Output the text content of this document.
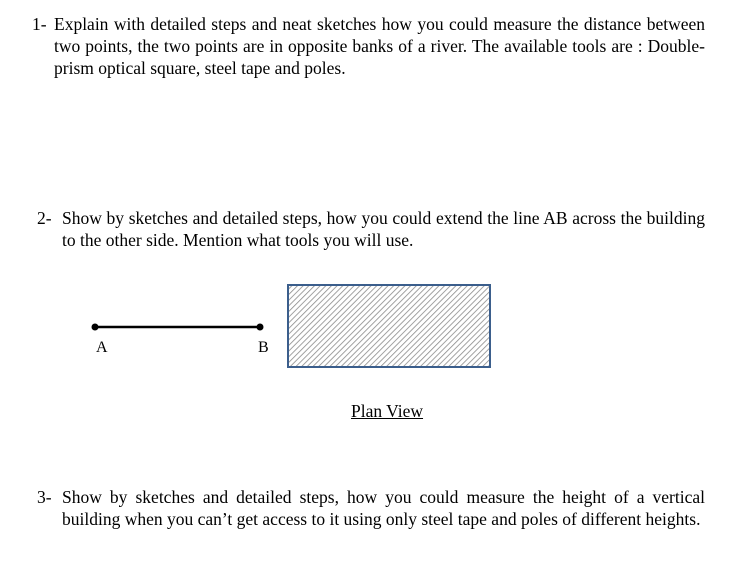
1- Explain with detailed steps and neat sketches how you could measure the distance between two points, the two points are in opposite banks of a river. The available tools are : Double-prism optical square, steel tape and poles.
2- Show by sketches and detailed steps, how you could extend the line AB across the building to the other side. Mention what tools you will use.
A	B
Plan View
3- Show by sketches and detailed steps, how you could measure the height of a vertical building when you can’t get access to it using only steel tape and poles of different heights.
